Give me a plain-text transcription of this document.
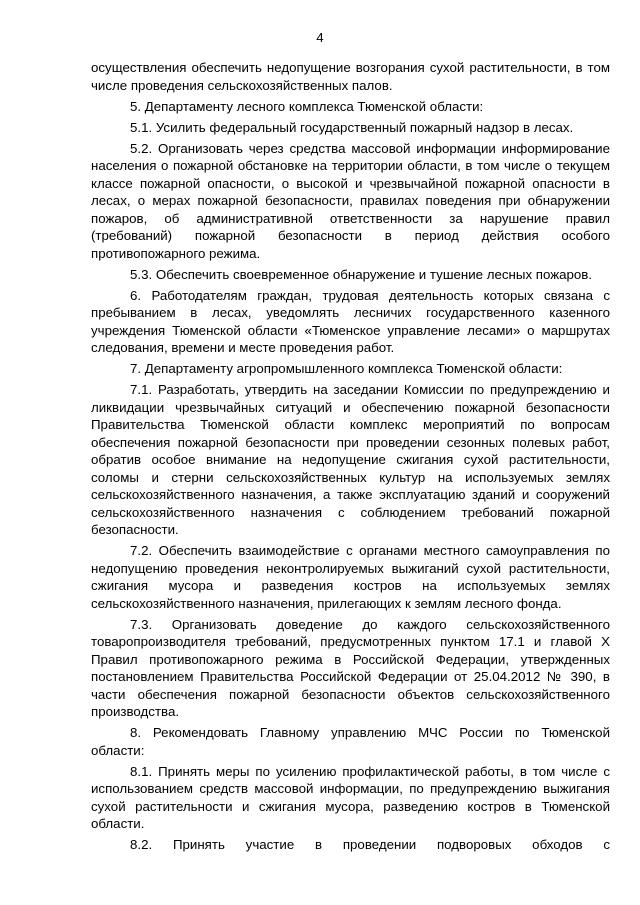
4

осуществления обеспечить недопущение возгорания сухой растительности, в том числе проведения сельскохозяйственных палов.

5. Департаменту лесного комплекса Тюменской области:

5.1. Усилить федеральный государственный пожарный надзор в лесах.

5.2. Организовать через средства массовой информации информирование населения о пожарной обстановке на территории области, в том числе о текущем классе пожарной опасности, о высокой и чрезвычайной пожарной опасности в лесах, о мерах пожарной безопасности, правилах поведения при обнаружении пожаров, об административной ответственности за нарушение правил (требований) пожарной безопасности в период действия особого противопожарного режима.

5.3. Обеспечить своевременное обнаружение и тушение лесных пожаров.

6. Работодателям граждан, трудовая деятельность которых связана с пребыванием в лесах, уведомлять лесничих государственного казенного учреждения Тюменской области «Тюменское управление лесами» о маршрутах следования, времени и месте проведения работ.

7. Департаменту агропромышленного комплекса Тюменской области:

7.1. Разработать, утвердить на заседании Комиссии по предупреждению и ликвидации чрезвычайных ситуаций и обеспечению пожарной безопасности Правительства Тюменской области комплекс мероприятий по вопросам обеспечения пожарной безопасности при проведении сезонных полевых работ, обратив особое внимание на недопущение сжигания сухой растительности, соломы и стерни сельскохозяйственных культур на используемых землях сельскохозяйственного назначения, а также эксплуатацию зданий и сооружений сельскохозяйственного назначения с соблюдением требований пожарной безопасности.

7.2. Обеспечить взаимодействие с органами местного самоуправления по недопущению проведения неконтролируемых выжиганий сухой растительности, сжигания мусора и разведения костров на используемых землях сельскохозяйственного назначения, прилегающих к землям лесного фонда.

7.3. Организовать доведение до каждого сельскохозяйственного товаропроизводителя требований, предусмотренных пунктом 17.1 и главой X Правил противопожарного режима в Российской Федерации, утвержденных постановлением Правительства Российской Федерации от 25.04.2012 № 390, в части обеспечения пожарной безопасности объектов сельскохозяйственного производства.

8. Рекомендовать Главному управлению МЧС России по Тюменской области:

8.1. Принять меры по усилению профилактической работы, в том числе с использованием средств массовой информации, по предупреждению выжигания сухой растительности и сжигания мусора, разведению костров в Тюменской области.

8.2. Принять участие в проведении подворовых обходов с
